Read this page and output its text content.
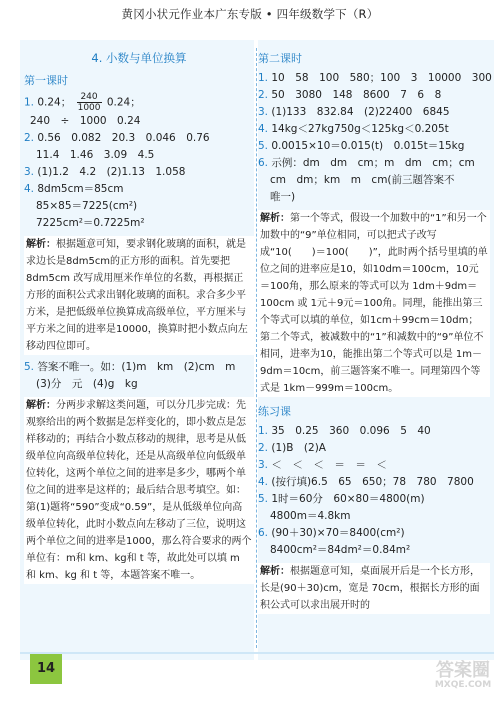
黄冈小状元作业本广东专版 • 四年级数学下（R）
4. 小数与单位换算
第一课时
1. 0.24； $\frac{240}{1000} 0.24$；
240　÷　1000　0.24
2. 0.56　0.082　20.3　0.046　0.76
11.4　1.46　3.09　4.5
3. (1)1.2　4.2　(2)1.13　1.058
4. 8dm5cm＝85cm
85×85＝7225(cm²)
7225cm²＝0.7225m²
解析：根据题意可知，要求钢化玻璃的面积，就是求边长是8dm5cm的正方形的面积。首先要把 8dm5cm 改写成用厘米作单位的名数，再根据正方形的面积公式求出钢化玻璃的面积。求合多少平方米，是把低级单位换算成高级单位，平方厘米与平方米之间的进率是10000，换算时把小数点向左移动四位即可。
5. 答案不唯一。如：(1)m　km　(2)cm　m
(3)分　元　(4)g　kg
解析：分两步求解这类问题，可以分几步完成：先观察给出的两个数据是怎样变化的，即小数点是怎样移动的；再结合小数点移动的规律，思考是从低级单位向高级单位转化，还是从高级单位向低级单位转化，这两个单位之间的进率是多少，哪两个单位之间的进率是这样的；最后结合思考填空。如：第(1)题将“590”变成“0.59”，是从低级单位向高级单位转化，此时小数点向左移动了三位，说明这两个单位之间的进率是1000，那么符合要求的两个单位有：m和 km、kg和 t 等，故此处可以填 m 和 km、kg 和 t 等，本题答案不唯一。
第二课时
1. 10　58　100　580；100　3　10000　300
2. 50　3080　148　8600　7　6　8
3. (1)133　832.84　(2)22400　6845
4. 14kg＜27kg750g＜125kg＜0.205t
5. 0.0015×10＝0.015(t)　0.015t＝15kg
6. 示例：dm　dm　cm；m　dm　cm；cm
cm　dm；km　m　cm(前三题答案不
唯一)
解析：第一个等式，假设一个加数中的“1”和另一个加数中的“9”单位相同，可以把式子改写成“10(　　)＝100(　　)”，此时两个括号里填的单位之间的进率应是10，如10dm＝100cm，10元＝100角，那么原来的等式可以为 1dm＋9dm＝100cm 或 1元＋9元＝100角。同理，能推出第三个等式可以填的单位，如1cm＋99cm＝10dm；第二个等式，被减数中的“1”和减数中的“9”单位不相同，进率为10，能推出第二个等式可以是 1m－9dm＝10cm，前三题答案不唯一。同理第四个等式是 1km－999m＝100cm。
练习课
1. 35　0.25　360　0.096　5　40
2. (1)B　(2)A
3. ＜　＜　＜　＝　＝　＜
4. (按行填)6.5　65　650；78　780　7800
5. 1时＝60分　60×80＝4800(m)
4800m＝4.8km
6. (90＋30)×70＝8400(cm²)
8400cm²＝84dm²＝0.84m²
解析：根据题意可知，桌面展开后是一个长方形，长是(90＋30)cm，宽是 70cm，根据长方形的面积公式可以求出展开时的
14	答案圈
MXQE.COM
